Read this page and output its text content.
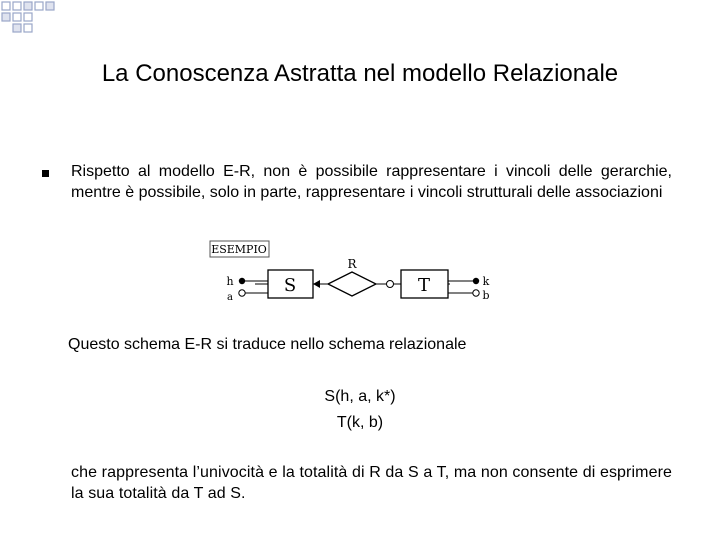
La Conoscenza Astratta nel modello Relazionale
Rispetto al modello E-R, non è possibile rappresentare i vincoli delle gerarchie, mentre è possibile, solo in parte, rappresentare i vincoli strutturali delle associazioni
ESEMPIO
R
S	T
h
a
k
b
Questo schema E-R si traduce nello schema relazionale
S(h, a, k*)
T(k, b)
che rappresenta l’univocità e la totalità di R da S a T, ma non consente di esprimere la sua totalità da T ad S.
